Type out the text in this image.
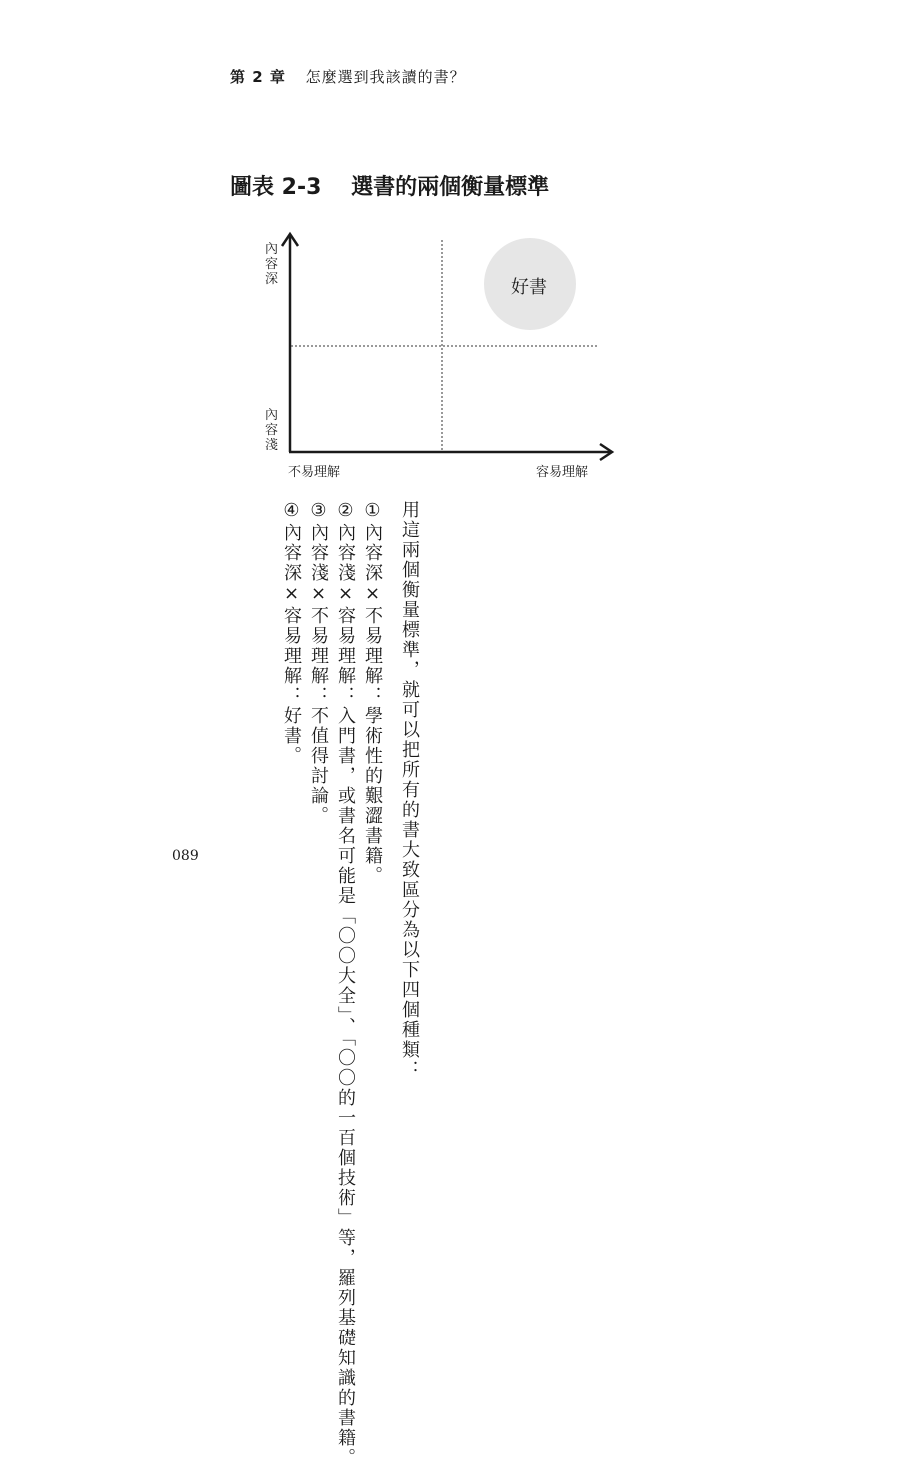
第 2 章 怎麼選到我該讀的書？
圖表 2-3 選書的兩個衡量標準
內容深
內容淺
不易理解	容易理解
好書

用這兩個衡量標準，就可以把所有的書大致區分為以下四個種類：

①內容深×不易理解：學術性的艱澀書籍。

②內容淺×容易理解：入門書，或書名可能是「〇〇大全」、「〇〇的一百個技術」等，羅列基礎知識的書籍。

③內容淺×不易理解：不值得討論。

④內容深×容易理解：好書。

089
